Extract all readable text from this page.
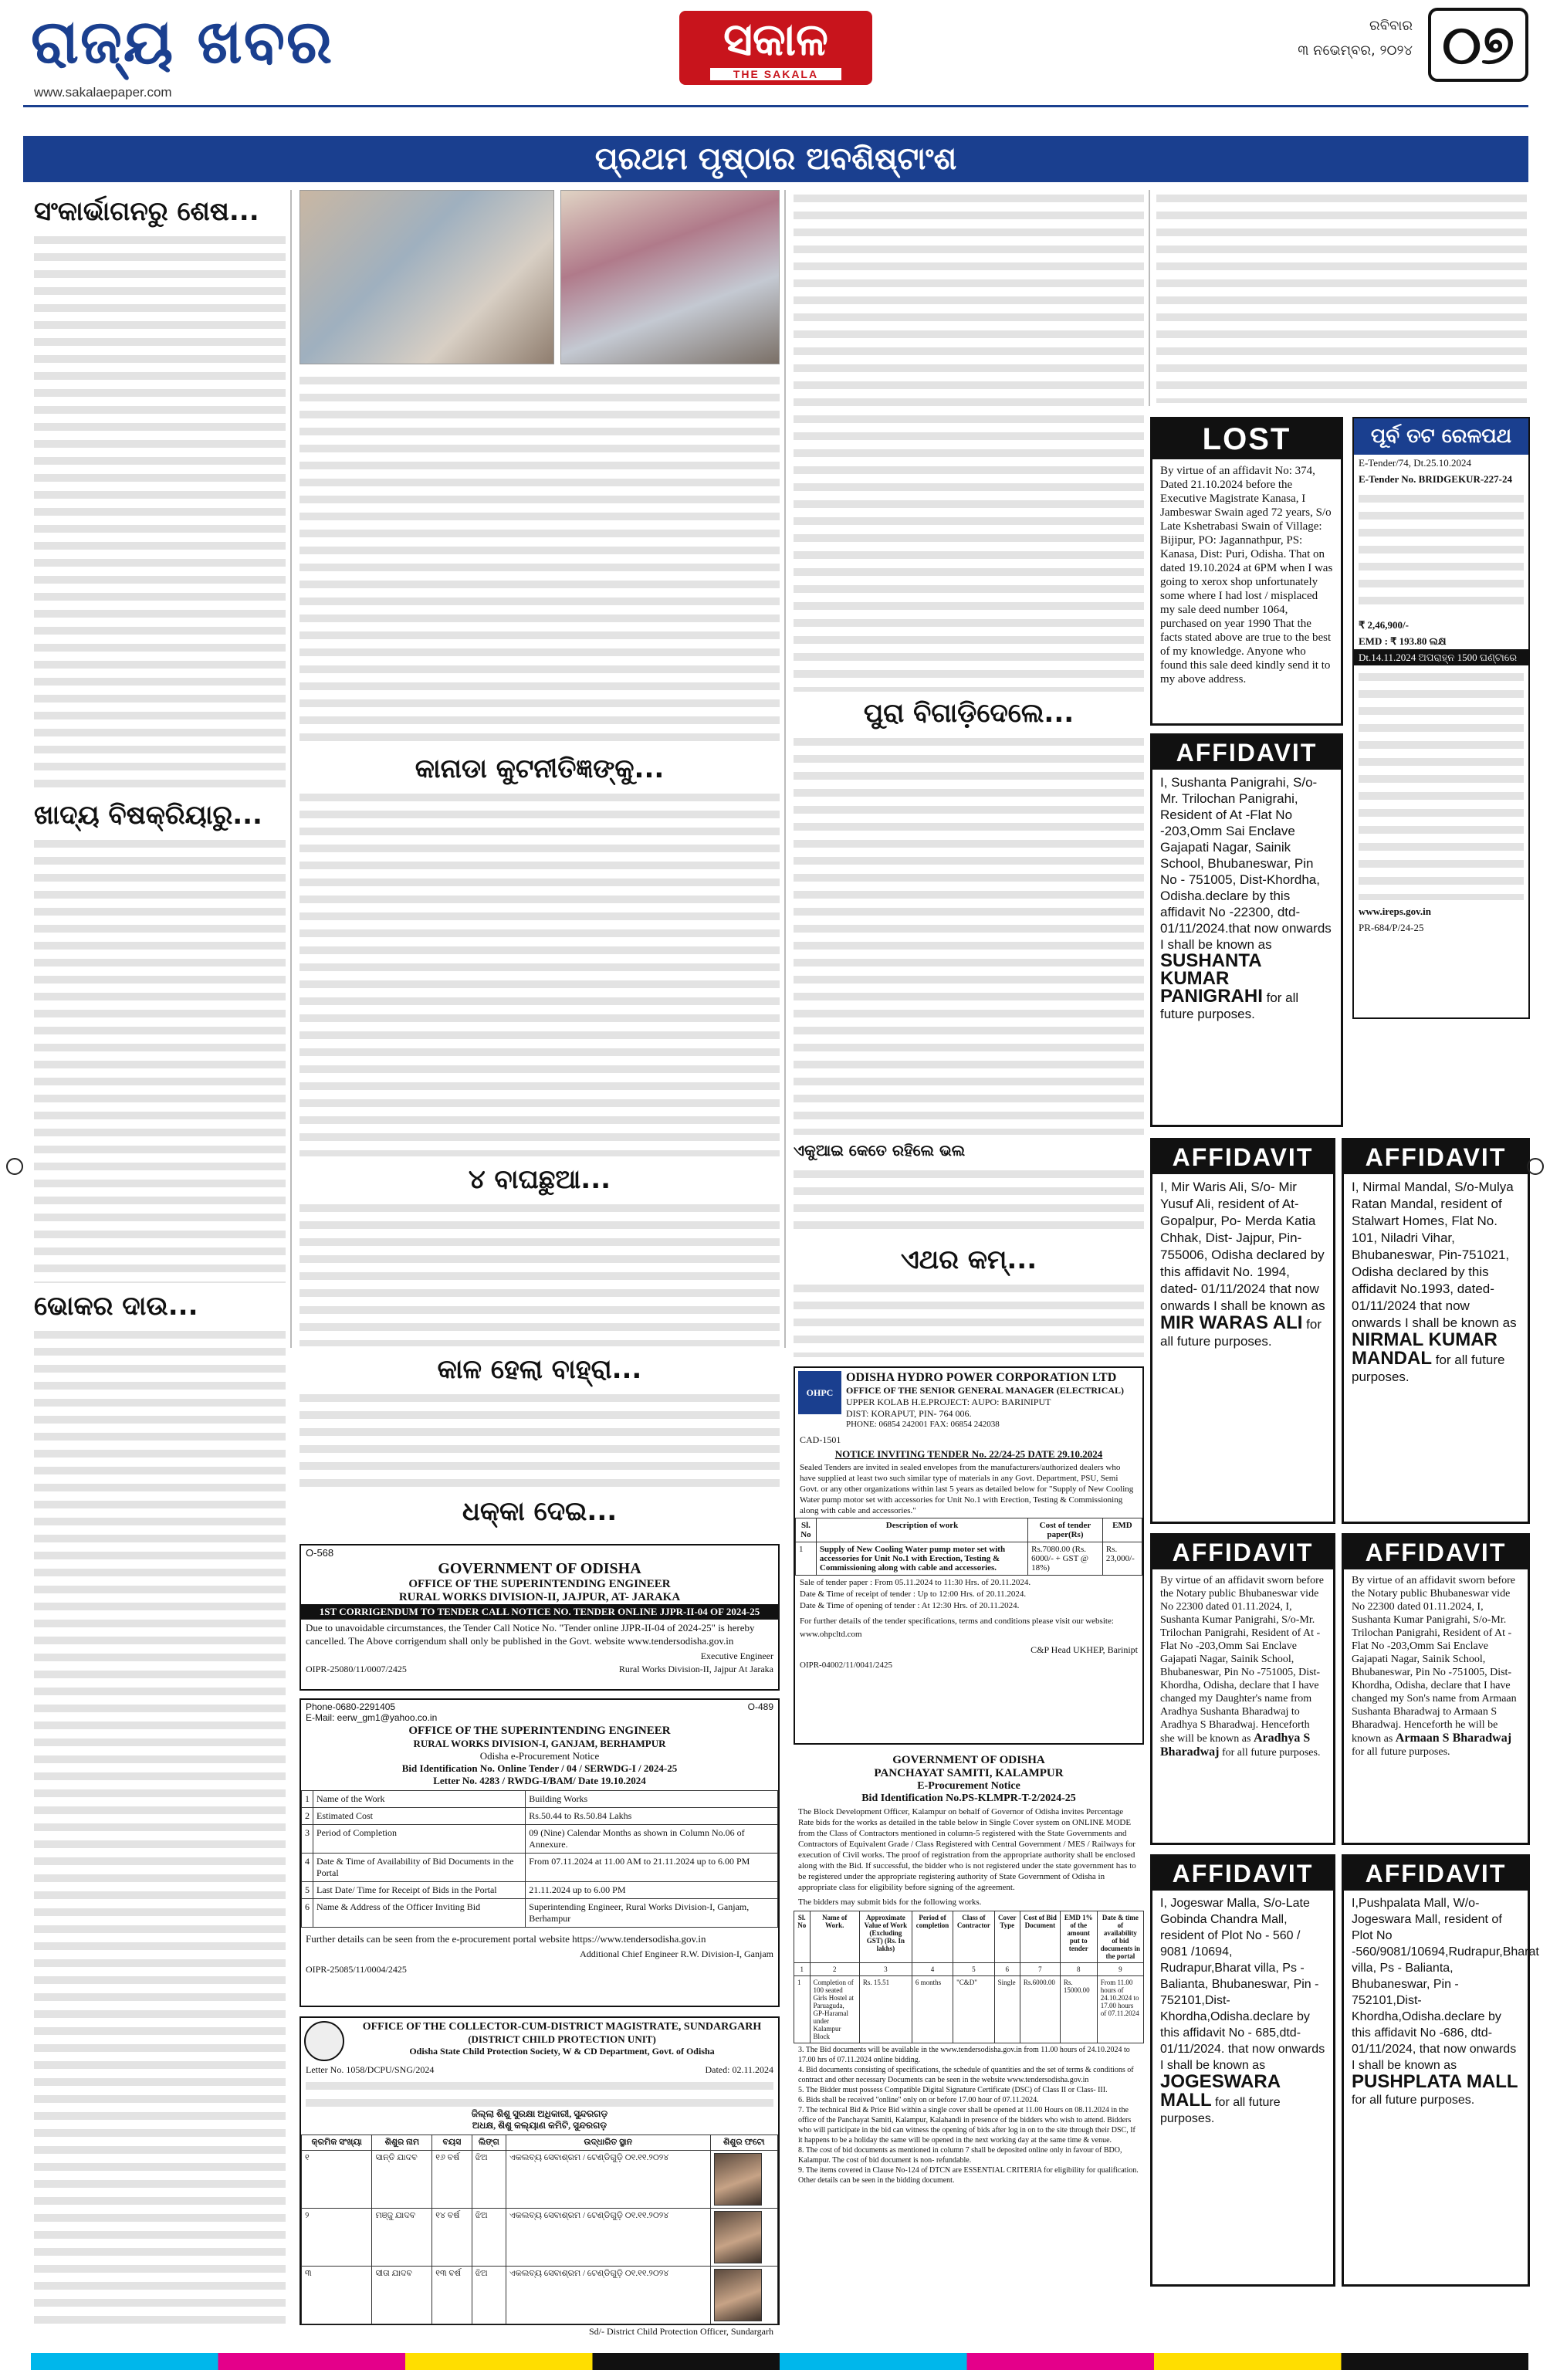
ରାଜ୍ୟ ଖବର
www.sakalaepaper.com
ସକାଳ
THE SAKALA
ରବିବାର
୩ ନଭେମ୍ବର, ୨୦୨୪ ୦୭
ପ୍ରଥମ ପୃଷ୍ଠାର ଅବଶିଷ୍ଟାଂଶ
ସଂକାର୍ଭାଗନରୁ ଶେଷ...
ଖାଦ୍ୟ ବିଷକ୍ରିୟାରୁ...
ଭୋକର ଦାଉ...
କାନାଡା କୁଟନୀତିଜ୍ଞଙ୍କୁ...
୪ ବାଘଛୁଆ...
କାଳ ହେଲା ବାହ୍ରା...
ଧକ୍କା ଦେଇ...
ପୁରା ବିଗାଡ଼ିଦେଲେ...
ଏକୁଆଇ କେତେ ରହିଲେ ଭଲ
ଏଥର କମ୍...
LOST
By virtue of an affidavit No: 374, Dated 21.10.2024 before the Executive Magistrate Kanasa, I Jambeswar Swain aged 72 years, S/o Late Kshetrabasi Swain of Village: Bijipur, PO: Jagannathpur, PS: Kanasa, Dist: Puri, Odisha. That on dated 19.10.2024 at 6PM when I was going to xerox shop unfortunately some where I had lost / misplaced my sale deed number 1064, purchased on year 1990 That the facts stated above are true to the best of my knowledge. Anyone who found this sale deed kindly send it to my above address.
ପୂର୍ବ ତଟ ରେଳପଥ
E-Tender/74, Dt.25.10.2024
E-Tender No. BRIDGEKUR-227-24
₹ 2,46,900/-
EMD : ₹ 193.80 ଲକ୍ଷ
Dt.14.11.2024 ଅପରାହ୍ନ 1500 ଘଣ୍ଟାରେ
www.ireps.gov.in
PR-684/P/24-25
AFFIDAVIT
I, Sushanta Panigrahi, S/o-Mr. Trilochan Panigrahi, Resident of At -Flat No -203,Omm Sai Enclave Gajapati Nagar, Sainik School, Bhubaneswar, Pin No - 751005, Dist-Khordha, Odisha.declare by this affidavit No -22300, dtd-01/11/2024.that now onwards I shall be known as SUSHANTA KUMAR PANIGRAHI for all future purposes.
AFFIDAVIT
I, Mir Waris Ali, S/o- Mir Yusuf Ali, resident of At- Gopalpur, Po- Merda Katia Chhak, Dist- Jajpur, Pin-755006, Odisha declared by this affidavit No. 1994, dated- 01/11/2024 that now onwards I shall be known as MIR WARAS ALI for all future purposes.
AFFIDAVIT
I, Nirmal Mandal, S/o-Mulya Ratan Mandal, resident of Stalwart Homes, Flat No. 101, Niladri Vihar, Bhubaneswar, Pin-751021, Odisha declared by this affidavit No.1993, dated-01/11/2024 that now onwards I shall be known as NIRMAL KUMAR MANDAL for all future purposes.
AFFIDAVIT
By virtue of an affidavit sworn before the Notary public Bhubaneswar vide No 22300 dated 01.11.2024, I, Sushanta Kumar Panigrahi, S/o-Mr. Trilochan Panigrahi, Resident of At - Flat No -203,Omm Sai Enclave Gajapati Nagar, Sainik School, Bhubaneswar, Pin No -751005, Dist-Khordha, Odisha, declare that I have changed my Daughter's name from Aradhya Sushanta Bharadwaj to Aradhya S Bharadwaj. Henceforth she will be known as Aradhya S Bharadwaj for all future purposes.
AFFIDAVIT
By virtue of an affidavit sworn before the Notary public Bhubaneswar vide No 22300 dated 01.11.2024, I, Sushanta Kumar Panigrahi, S/o-Mr. Trilochan Panigrahi, Resident of At -Flat No -203,Omm Sai Enclave Gajapati Nagar, Sainik School, Bhubaneswar, Pin No -751005, Dist-Khordha, Odisha, declare that I have changed my Son's name from Armaan Sushanta Bharadwaj to Armaan S Bharadwaj. Henceforth he will be known as Armaan S Bharadwaj for all future purposes.
AFFIDAVIT
I, Jogeswar Malla, S/o-Late Gobinda Chandra Mall, resident of Plot No - 560 / 9081 /10694, Rudrapur,Bharat villa, Ps - Balianta, Bhubaneswar, Pin - 752101,Dist-Khordha,Odisha.declare by this affidavit No - 685,dtd-01/11/2024. that now onwards I shall be known as JOGESWARA MALL for all future purposes.
AFFIDAVIT
I,Pushpalata Mall, W/o-Jogeswara Mall, resident of Plot No -560/9081/10694,Rudrapur,Bharat villa, Ps - Balianta, Bhubaneswar, Pin - 752101,Dist-Khordha,Odisha.declare by this affidavit No -686, dtd-01/11/2024, that now onwards I shall be known as PUSHPLATA MALL for all future purposes.
O-568
GOVERNMENT OF ODISHA
OFFICE OF THE SUPERINTENDING ENGINEER
RURAL WORKS DIVISION-II, JAJPUR, AT- JARAKA
1ST CORRIGENDUM TO TENDER CALL NOTICE NO. TENDER ONLINE JJPR-II-04 OF 2024-25
Due to unavoidable circumstances, the Tender Call Notice No. "Tender online JJPR-II-04 of 2024-25" is hereby cancelled. The Above corrigendum shall only be published in the Govt. website www.tendersodisha.gov.in
Executive Engineer
OIPR-25080/11/0007/2425	Rural Works Division-II, Jajpur At Jaraka
Phone-0680-2291405
E-Mail: eerw_gm1@yahoo.co.in
O-489
OFFICE OF THE SUPERINTENDING ENGINEER
RURAL WORKS DIVISION-I, GANJAM, BERHAMPUR
Odisha e-Procurement Notice
Bid Identification No. Online Tender / 04 / SERWDG-I / 2024-25
Letter No. 4283 / RWDG-I/BAM/ Date 19.10.2024
1	Name of the Work	Building Works
2	Estimated Cost	Rs.50.44 to Rs.50.84 Lakhs
3	Period of Completion	09 (Nine) Calendar Months as shown in Column No.06 of Annexure.
4	Date & Time of Availability of Bid Documents in the Portal	From 07.11.2024 at 11.00 AM to 21.11.2024 up to 6.00 PM
5	Last Date/ Time for Receipt of Bids in the Portal	21.11.2024 up to 6.00 PM
6	Name & Address of the Officer Inviting Bid	Superintending Engineer, Rural Works Division-I, Ganjam, Berhampur
Further details can be seen from the e-procurement portal website https://www.tendersodisha.gov.in
Additional Chief Engineer R.W. Division-I, Ganjam
OIPR-25085/11/0004/2425
OHPC
ODISHA HYDRO POWER CORPORATION LTD
OFFICE OF THE SENIOR GENERAL MANAGER (ELECTRICAL)
UPPER KOLAB H.E.PROJECT: AUPO: BARINIPUT
DIST: KORAPUT, PIN- 764 006.
PHONE: 06854 242001 FAX: 06854 242038
CAD-1501
NOTICE INVITING TENDER No. 22/24-25 DATE 29.10.2024
Sealed Tenders are invited in sealed envelopes from the manufacturers/authorized dealers who have supplied at least two such similar type of materials in any Govt. Department, PSU, Semi Govt. or any other organizations within last 5 years as detailed below for "Supply of New Cooling Water pump motor set with accessories for Unit No.1 with Erection, Testing & Commissioning along with cable and accessories."
Sl. No	Description of work	Cost of tender paper(Rs)	EMD
1	Supply of New Cooling Water pump motor set with accessories for Unit No.1 with Erection, Testing & Commissioning along with cable and accessories.	Rs.7080.00 (Rs. 6000/- + GST @ 18%)	Rs. 23,000/-
Sale of tender paper : From 05.11.2024 to 11:30 Hrs. of 20.11.2024.
Date & Time of receipt of tender : Up to 12:00 Hrs. of 20.11.2024.
Date & Time of opening of tender : At 12:30 Hrs. of 20.11.2024.
For further details of the tender specifications, terms and conditions please visit our website: www.ohpcltd.com
C&P Head UKHEP, Barinipt
OIPR-04002/11/0041/2425
OFFICE OF THE COLLECTOR-CUM-DISTRICT MAGISTRATE, SUNDARGARH
(DISTRICT CHILD PROTECTION UNIT)
Odisha State Child Protection Society, W & CD Department, Govt. of Odisha
Letter No. 1058/DCPU/SNG/2024	Dated: 02.11.2024
ଜିଲ୍ଲା ଶିଶୁ ସୁରକ୍ଷା ଅଧିକାରୀ, ସୁନ୍ଦରଗଡ଼
ଅଧକ୍ଷ, ଶିଶୁ କଲ୍ୟାଣ କମିଟି, ସୁନ୍ଦରଗଡ଼
କ୍ରମିକ ସଂଖ୍ୟା	ଶିଶୁର ନାମ	ବୟସ	ଲିଙ୍ଗ	ଉଦ୍ଧାରିତ ସ୍ଥାନ	ଶିଶୁର ଫଟୋ
୧	ସାନ୍ତି ଯାଦବ	୧୬ ବର୍ଷ	ଝିଅ	ଏକଲବ୍ୟ ସେବାଶ୍ରମ / ଟେଣ୍ଡିଗୁଡ଼ି ୦୧.୧୧.୨୦୨୪	

୨	ମଞ୍ଜୁ ଯାଦବ	୧୪ ବର୍ଷ	ଝିଅ	ଏକଲବ୍ୟ ସେବାଶ୍ରମ / ଟେଣ୍ଡିଗୁଡ଼ି ୦୧.୧୧.୨୦୨୪	

୩	ସୀତା ଯାଦବ	୧୩ ବର୍ଷ	ଝିଅ	ଏକଲବ୍ୟ ସେବାଶ୍ରମ / ଟେଣ୍ଡିଗୁଡ଼ି ୦୧.୧୧.୨୦୨୪	
Sd/- District Child Protection Officer, Sundargarh
GOVERNMENT OF ODISHA
PANCHAYAT SAMITI, KALAMPUR
E-Procurement Notice
Bid Identification No.PS-KLMPR-T-2/2024-25
The Block Development Officer, Kalampur on behalf of Governor of Odisha invites Percentage Rate bids for the works as detailed in the table below in Single Cover system on ONLINE MODE from the Class of Contractors mentioned in column-5 registered with the State Governments and Contractors of Equivalent Grade / Class Registered with Central Government / MES / Railways for execution of Civil works. The proof of registration from the appropriate authority shall be enclosed along with the Bid. If successful, the bidder who is not registered under the state government has to be registered under the appropriate registering authority of State Government of Odisha in appropriate class for eligibility before signing of the agreement.
The bidders may submit bids for the following works.
Sl. No	Name of Work.	Approximate Value of Work (Excluding GST) (Rs. In lakhs)	Period of completion	Class of Contractor	Cover Type	Cost of Bid Document	EMD 1% of the amount put to tender	Date & time of availability of bid documents in the portal
1	2	3	4	5	6	7	8	9
1	Completion of 100 seated Girls Hostel at Paruaguda, GP-Haramal under Kalampur Block	Rs. 15.51	6 months	"C&D"	Single	Rs.6000.00	Rs. 15000.00	From 11.00 hours of 24.10.2024 to 17.00 hours of 07.11.2024
3. The Bid documents will be available in the www.tendersodisha.gov.in from 11.00 hours of 24.10.2024 to 17.00 hrs of 07.11.2024 online bidding.
4. Bid documents consisting of specifications, the schedule of quantities and the set of terms & conditions of contract and other necessary Documents can be seen in the website www.tendersodisha.gov.in
5. The Bidder must possess Compatible Digital Signature Certificate (DSC) of Class II or Class- III.
6. Bids shall be received "online" only on or before 17.00 hour of 07.11.2024.
7. The technical Bid & Price Bid within a single cover shall be opened at 11.00 Hours on 08.11.2024 in the office of the Panchayat Samiti, Kalampur, Kalahandi in presence of the bidders who wish to attend. Bidders who will participate in the bid can witness the opening of bids after log in on to the site through their DSC, If it happens to be a holiday the same will be opened in the next working day at the same time & venue.
8. The cost of bid documents as mentioned in column 7 shall be deposited online only in favour of BDO, Kalampur. The cost of bid document is non- refundable.
9. The items covered in Clause No-124 of DTCN are ESSENTIAL CRITERIA for eligibility for qualification. Other details can be seen in the bidding document.
